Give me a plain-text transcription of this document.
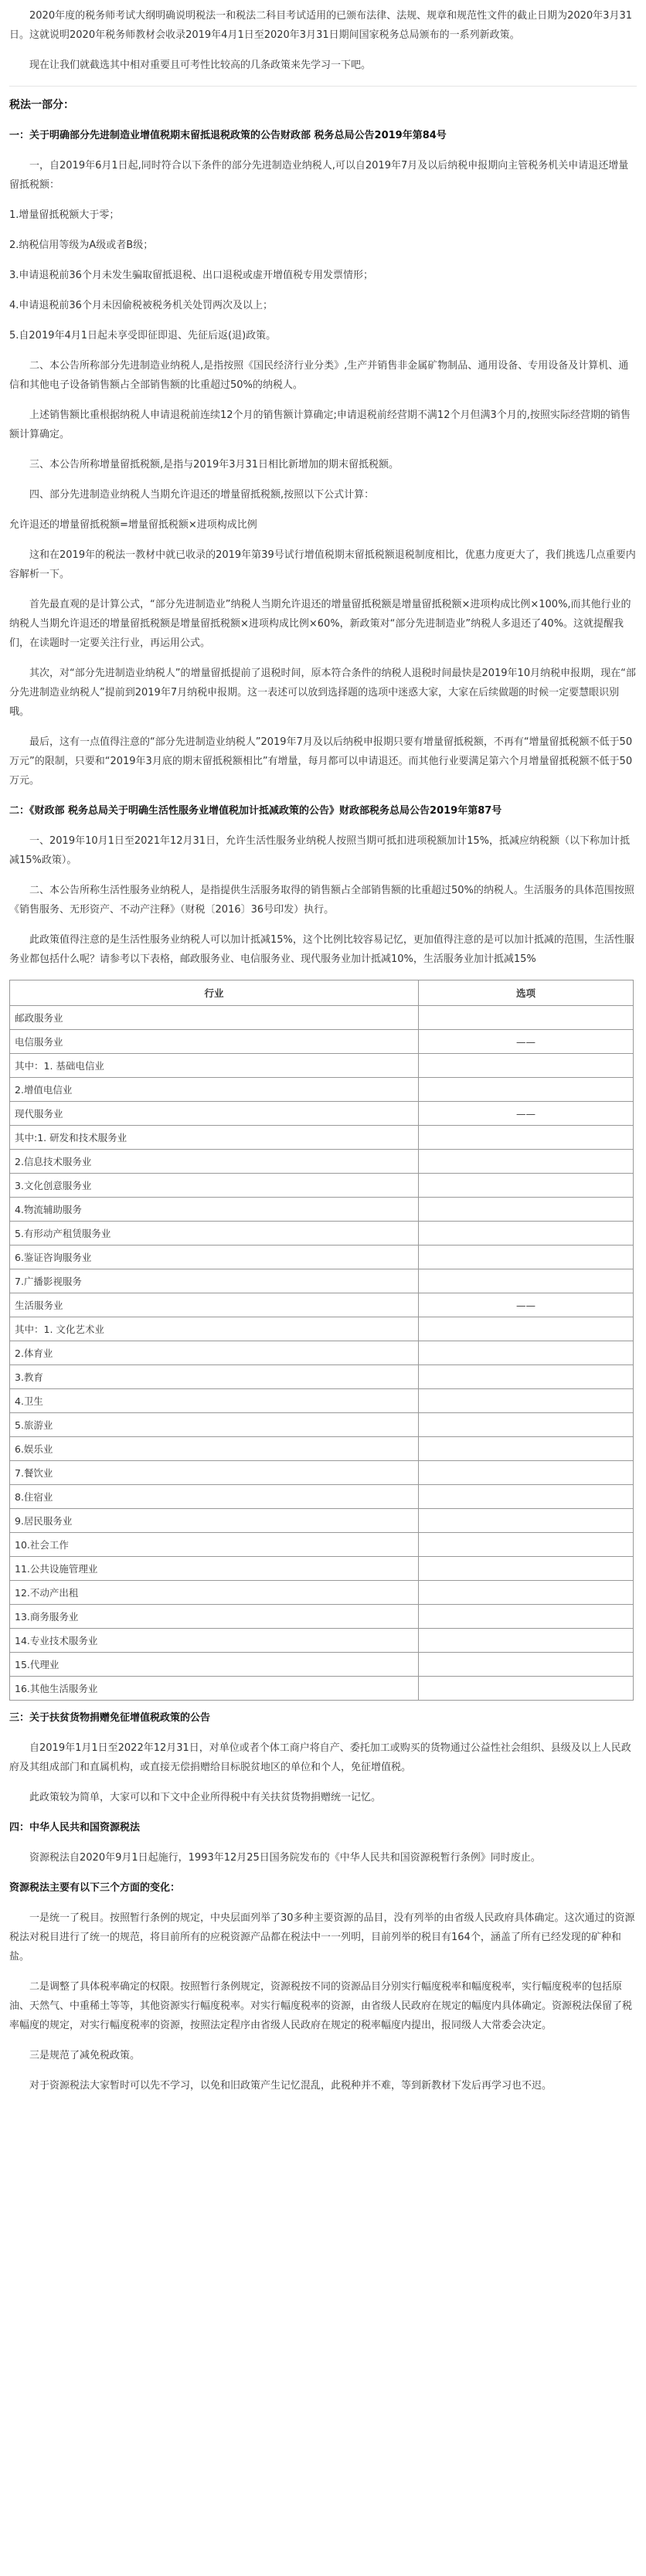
2020年度的税务师考试大纲明确说明税法一和税法二科目考试适用的已颁布法律、法规、规章和规范性文件的截止日期为2020年3月31日。这就说明2020年税务师教材会收录2019年4月1日至2020年3月31日期间国家税务总局颁布的一系列新政策。

现在让我们就截选其中相对重要且可考性比较高的几条政策来先学习一下吧。

税法一部分：

一：关于明确部分先进制造业增值税期末留抵退税政策的公告财政部 税务总局公告2019年第84号

一，自2019年6月1日起,同时符合以下条件的部分先进制造业纳税人,可以自2019年7月及以后纳税申报期向主管税务机关申请退还增量留抵税额：

1.增量留抵税额大于零；

2.纳税信用等级为A级或者B级；

3.申请退税前36个月未发生骗取留抵退税、出口退税或虚开增值税专用发票情形；

4.申请退税前36个月未因偷税被税务机关处罚两次及以上；

5.自2019年4月1日起未享受即征即退、先征后返(退)政策。

二、本公告所称部分先进制造业纳税人,是指按照《国民经济行业分类》,生产并销售非金属矿物制品、通用设备、专用设备及计算机、通信和其他电子设备销售额占全部销售额的比重超过50%的纳税人。

上述销售额比重根据纳税人申请退税前连续12个月的销售额计算确定;申请退税前经营期不满12个月但满3个月的,按照实际经营期的销售额计算确定。

三、本公告所称增量留抵税额,是指与2019年3月31日相比新增加的期末留抵税额。

四、部分先进制造业纳税人当期允许退还的增量留抵税额,按照以下公式计算：

允许退还的增量留抵税额=增量留抵税额×进项构成比例

这和在2019年的税法一教材中就已收录的2019年第39号试行增值税期末留抵税额退税制度相比，优惠力度更大了，我们挑选几点重要内容解析一下。

首先最直观的是计算公式，“部分先进制造业”纳税人当期允许退还的增量留抵税额是增量留抵税额×进项构成比例×100%,而其他行业的纳税人当期允许退还的增量留抵税额是增量留抵税额×进项构成比例×60%，新政策对“部分先进制造业”纳税人多退还了40%。这就提醒我们，在读题时一定要关注行业，再运用公式。

其次，对“部分先进制造业纳税人”的增量留抵提前了退税时间，原本符合条件的纳税人退税时间最快是2019年10月纳税申报期，现在“部分先进制造业纳税人”提前到2019年7月纳税申报期。这一表述可以放到选择题的选项中迷惑大家，大家在后续做题的时候一定要慧眼识别哦。

最后，这有一点值得注意的“部分先进制造业纳税人”2019年7月及以后纳税申报期只要有增量留抵税额，不再有“增量留抵税额不低于50万元”的限制，只要和“2019年3月底的期末留抵税额相比”有增量，每月都可以申请退还。而其他行业要满足第六个月增量留抵税额不低于50万元。

二：《财政部 税务总局关于明确生活性服务业增值税加计抵减政策的公告》财政部税务总局公告2019年第87号

一、2019年10月1日至2021年12月31日，允许生活性服务业纳税人按照当期可抵扣进项税额加计15%，抵减应纳税额（以下称加计抵减15%政策）。

二、本公告所称生活性服务业纳税人，是指提供生活服务取得的销售额占全部销售额的比重超过50%的纳税人。生活服务的具体范围按照《销售服务、无形资产、不动产注释》（财税〔2016〕36号印发）执行。

此政策值得注意的是生活性服务业纳税人可以加计抵减15%，这个比例比较容易记忆，更加值得注意的是可以加计抵减的范围，生活性服务业都包括什么呢？请参考以下表格，邮政服务业、电信服务业、现代服务业加计抵减10%，生活服务业加计抵减15%

行业	选项
邮政服务业	
电信服务业	——
其中：1. 基础电信业	
2.增值电信业	
现代服务业	——
其中:1. 研发和技术服务业	
2.信息技术服务业	
3.文化创意服务业	
4.物流辅助服务	
5.有形动产租赁服务业	
6.鉴证咨询服务业	
7.广播影视服务	
生活服务业	——
其中：1. 文化艺术业	
2.体育业	
3.教育	
4.卫生	
5.旅游业	
6.娱乐业	
7.餐饮业	
8.住宿业	
9.居民服务业	
10.社会工作	
11.公共设施管理业	
12.不动产出租	
13.商务服务业	
14.专业技术服务业	
15.代理业	
16.其他生活服务业	

三：关于扶贫货物捐赠免征增值税政策的公告

自2019年1月1日至2022年12月31日，对单位或者个体工商户将自产、委托加工或购买的货物通过公益性社会组织、县级及以上人民政府及其组成部门和直属机构，或直接无偿捐赠给目标脱贫地区的单位和个人，免征增值税。

此政策较为简单，大家可以和下文中企业所得税中有关扶贫货物捐赠统一记忆。

四：中华人民共和国资源税法

资源税法自2020年9月1日起施行，1993年12月25日国务院发布的《中华人民共和国资源税暂行条例》同时废止。

资源税法主要有以下三个方面的变化：

一是统一了税目。按照暂行条例的规定，中央层面列举了30多种主要资源的品目，没有列举的由省级人民政府具体确定。这次通过的资源税法对税目进行了统一的规范，将目前所有的应税资源产品都在税法中一一列明，目前列举的税目有164个，涵盖了所有已经发现的矿种和盐。

二是调整了具体税率确定的权限。按照暂行条例规定，资源税按不同的资源品目分别实行幅度税率和幅度税率，实行幅度税率的包括原油、天然气、中重稀土等等，其他资源实行幅度税率。对实行幅度税率的资源，由省级人民政府在规定的幅度内具体确定。资源税法保留了税率幅度的规定，对实行幅度税率的资源，按照法定程序由省级人民政府在规定的税率幅度内提出，报同级人大常委会决定。

三是规范了减免税政策。

对于资源税法大家暂时可以先不学习，以免和旧政策产生记忆混乱，此税种并不难，等到新教材下发后再学习也不迟。
